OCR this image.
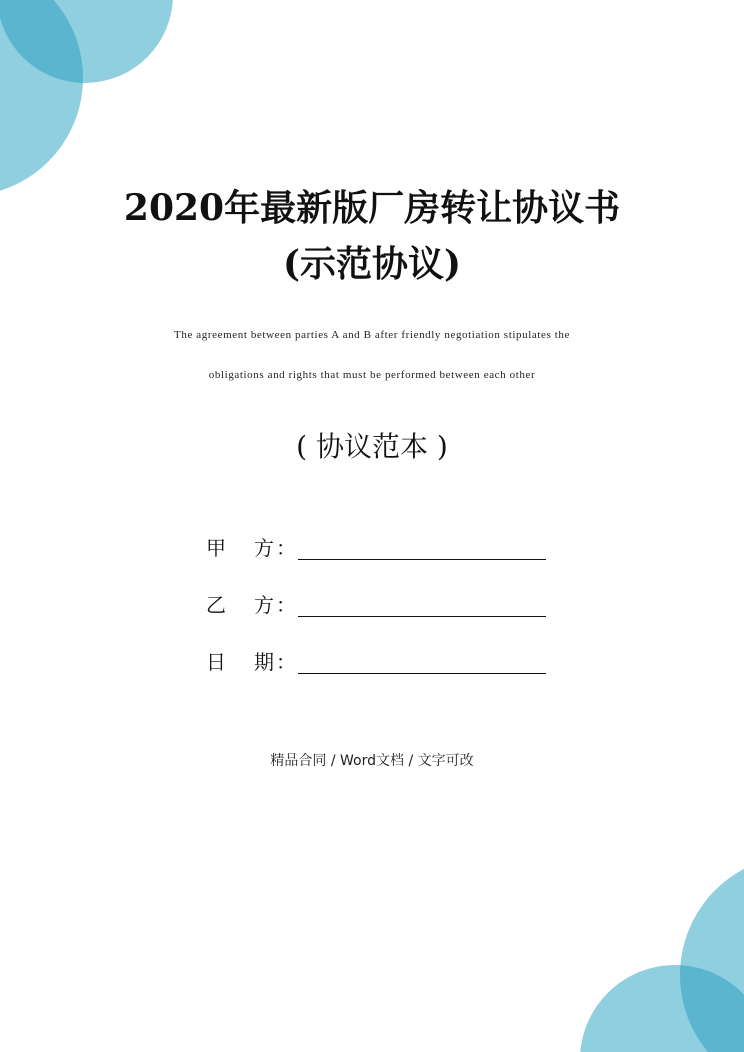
2020年最新版厂房转让协议书
(示范协议)
The agreement between parties A and B after friendly negotiation stipulates the
obligations and rights that must be performed between each other
( 协议范本 )
甲 方 ：
乙 方 ：
日 期 ：
精品合同 / Word文档 / 文字可改
